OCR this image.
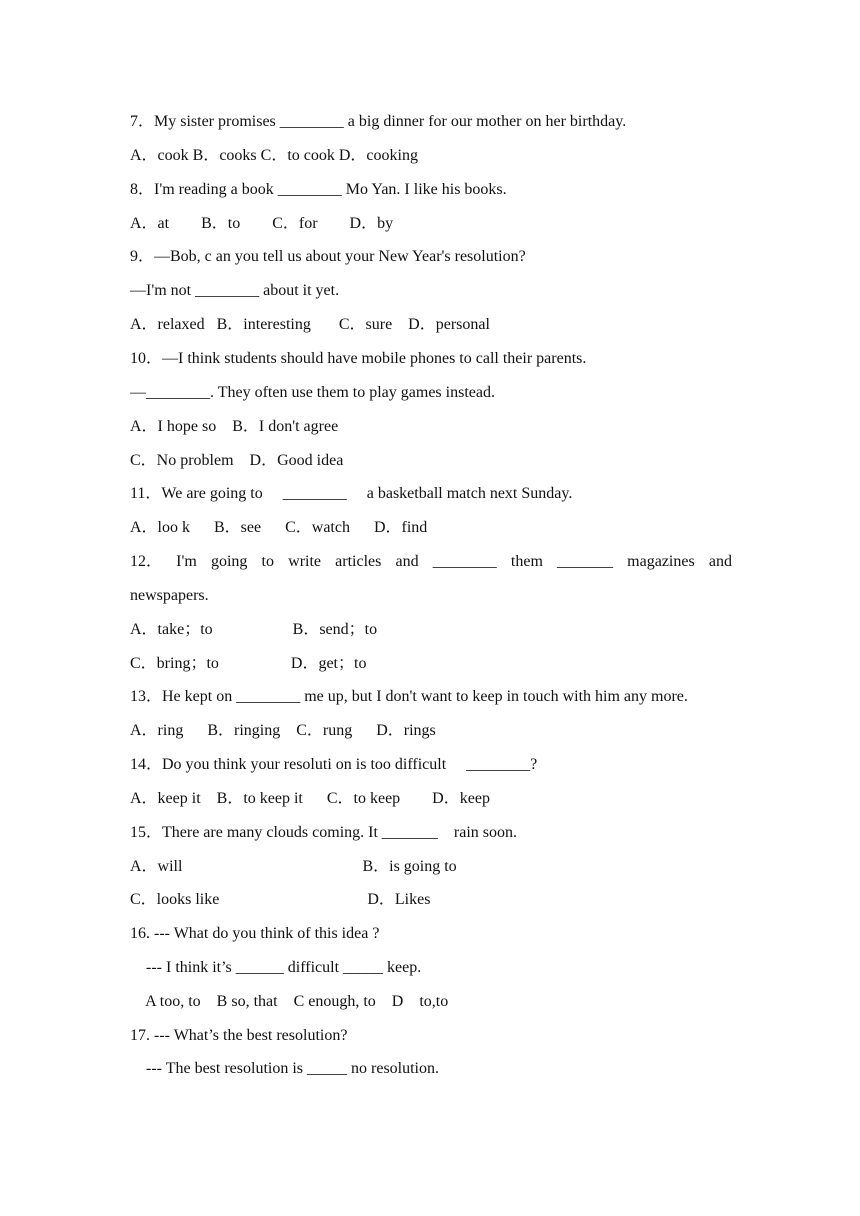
7．My sister promises ________ a big dinner for our mother on her birthday.
A．cook B．cooks C．to cook D．cooking
8．I'm reading a book ________ Mo Yan. I like his books.
A．at        B．to        C．for        D．by
9．—Bob, c an you tell us about your New Year's resolution?
—I'm not ________ about it yet.
A．relaxed   B．interesting       C．sure    D．personal
10．—I think students should have mobile phones to call their parents.
—________. They often use them to play games instead.
A．I hope so    B．I don't agree
C．No problem    D．Good idea
11．We are going to     ________     a basketball match next Sunday.
A．loo k      B．see      C．watch      D．find
12． I'm going to write articles and ________ them _______ magazines and
newspapers.
A．take；to                    B．send；to
C．bring；to                  D．get；to
13．He kept on ________ me up, but I don't want to keep in touch with him any more.
A．ring      B．ringing    C．rung      D．rings
14．Do you think your resoluti on is too difficult     ________?
A．keep it    B．to keep it      C．to keep        D．keep
15．There are many clouds coming. It _______    rain soon.
A．will                                             B．is going to
C．looks like                                     D．Likes
16. --- What do you think of this idea ?
--- I think it’s ______ difficult _____ keep.
A too, to    B so, that    C enough, to    D    to,to
17. --- What’s the best resolution?
--- The best resolution is _____ no resolution.
